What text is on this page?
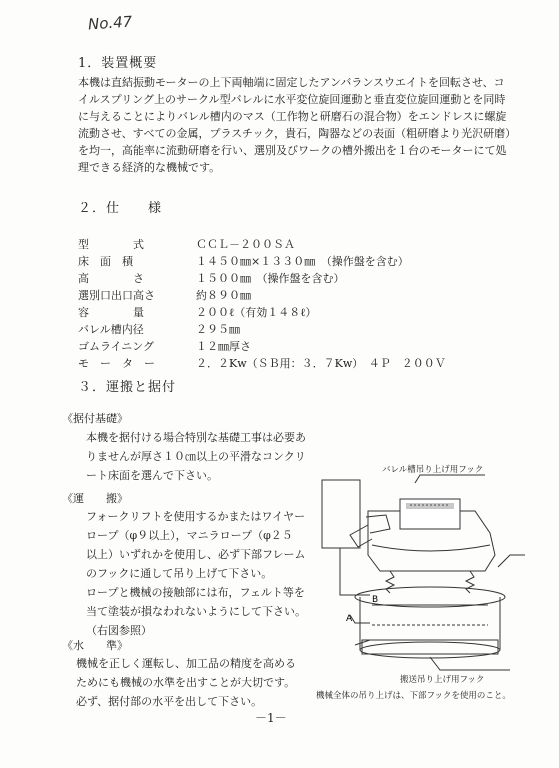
No.47
1．装置概要
本機は直結振動モーターの上下両軸端に固定したアンバランスウエイトを回転させ、コ
イルスプリング上のサークル型バレルに水平変位旋回運動と垂直変位旋回運動とを同時
に与えることによりバレル槽内のマス（工作物と研磨石の混合物）をエンドレスに螺旋
流動させ、すべての金属，プラスチック，貴石，陶器などの表面（粗研磨より光沢研磨）
を均一，高能率に流動研磨を行い、選別及びワークの槽外搬出を１台のモーターにて処
理できる経済的な機械です。
２．仕　　様
型　　　　式	ＣＣＬ－２００ＳＡ
床　面　積	１４５０㎜×１３３０㎜　（操作盤を含む）
高　　　　さ	１５００㎜　（操作盤を含む）
選別口出口高さ	約８９０㎜
容　　　　量	２００ℓ（有効１４８ℓ）
バレル槽内径	２９５㎜
ゴムライニング	１２㎜厚さ
モ　ー　タ　ー	２．２Kw（ＳＢ用：３．７Kw）　４Ｐ　２００Ｖ
３．運搬と据付
《据付基礎》
本機を据付ける場合特別な基礎工事は必要あ
りませんが厚さ１０㎝以上の平滑なコンクリ
ート床面を選んで下さい。
《運　　搬》
フォークリフトを使用するかまたはワイヤー
ロープ（φ９以上），マニラロープ（φ２５
以上）いずれかを使用し、必ず下部フレーム
のフックに通して吊り上げて下さい。
ロープと機械の接触部には布，フェルト等を
当て塗装が損なわれないようにして下さい。
（右図参照）
《水　　準》
機械を正しく運転し、加工品の精度を高める
ためにも機械の水準を出すことが大切です。
必ず、据付部の水平を出して下さい。
B
A
バレル槽吊り上げ用フック
搬送吊り上げ用フック
機械全体の吊り上げは、下部フックを使用のこと。
－1－
